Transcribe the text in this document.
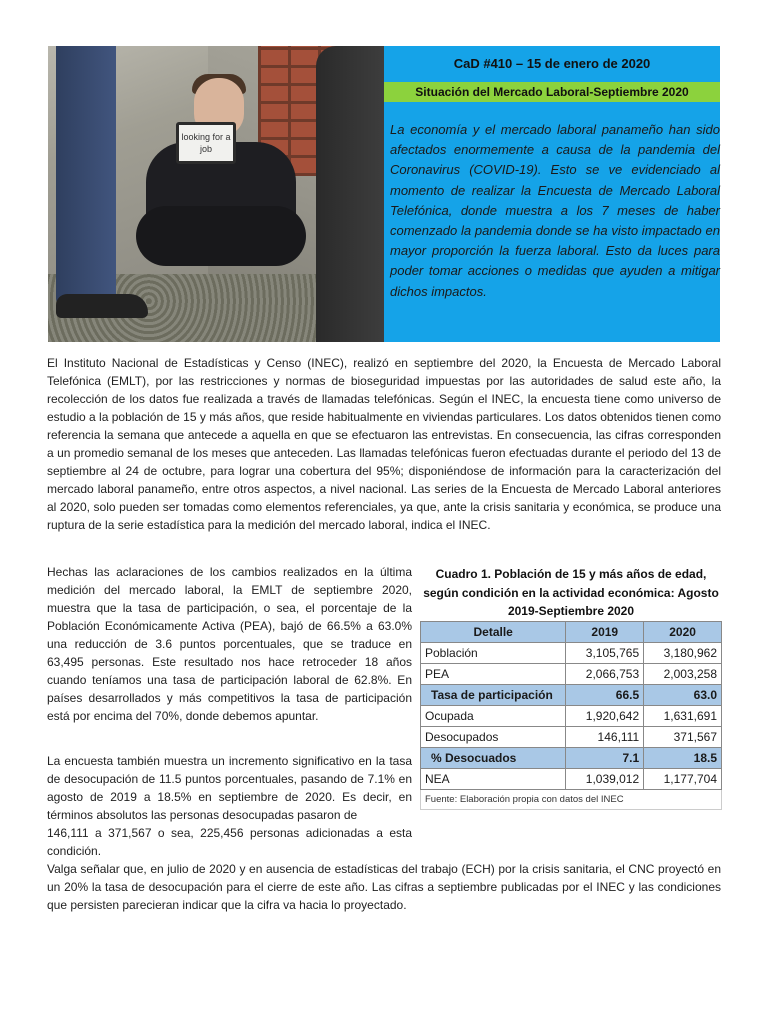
looking for a job
CaD #410 – 15 de enero de 2020
Situación del Mercado Laboral-Septiembre 2020
La economía y el mercado laboral panameño han sido afectados enormemente a causa de la pandemia del Coronavirus (COVID-19). Esto se ve evidenciado al momento de realizar la Encuesta de Mercado Laboral Telefónica, donde muestra a los 7 meses de haber comenzado la pandemia donde se ha visto impactado en mayor proporción la fuerza laboral. Esto da luces para poder tomar acciones o medidas que ayuden a mitigar dichos impactos.

El Instituto Nacional de Estadísticas y Censo (INEC), realizó en septiembre del 2020, la Encuesta de Mercado Laboral Telefónica (EMLT), por las restricciones y normas de bioseguridad impuestas por las autoridades de salud este año, la recolección de los datos fue realizada a través de llamadas telefónicas. Según el INEC, la encuesta tiene como universo de estudio a la población de 15 y más años, que reside habitualmente en viviendas particulares. Los datos obtenidos tienen como referencia la semana que antecede a aquella en que se efectuaron las entrevistas. En consecuencia, las cifras corresponden a un promedio semanal de los meses que anteceden. Las llamadas telefónicas fueron efectuadas durante el periodo del 13 de septiembre al 24 de octubre, para lograr una cobertura del 95%; disponiéndose de información para la caracterización del mercado laboral panameño, entre otros aspectos, a nivel nacional. Las series de la Encuesta de Mercado Laboral anteriores al 2020, solo pueden ser tomadas como elementos referenciales, ya que, ante la crisis sanitaria y económica, se produce una ruptura de la serie estadística para la medición del mercado laboral, indica el INEC.

Hechas las aclaraciones de los cambios realizados en la última medición del mercado laboral, la EMLT de septiembre 2020, muestra que la tasa de participación, o sea, el porcentaje de la Población Económicamente Activa (PEA), bajó de 66.5% a 63.0% una reducción de 3.6 puntos porcentuales, que se traduce en 63,495 personas. Este resultado nos hace retroceder 18 años cuando teníamos una tasa de participación laboral de 62.8%. En países desarrollados y más competitivos la tasa de participación está por encima del 70%, donde debemos apuntar.

La encuesta también muestra un incremento significativo en la tasa de desocupación de 11.5 puntos porcentuales, pasando de 7.1% en agosto de 2019 a 18.5% en septiembre de 2020. Es decir, en términos absolutos las personas desocupadas pasaron de
146,111 a 371,567 o sea, 225,456 personas adicionadas a esta condición.

Valga señalar que, en julio de 2020 y en ausencia de estadísticas del trabajo (ECH) por la crisis sanitaria, el CNC proyectó en un 20% la tasa de desocupación para el cierre de este año. Las cifras a septiembre publicadas por el INEC y las condiciones que persisten parecieran indicar que la cifra va hacia lo proyectado.

Cuadro 1. Población de 15 y más años de edad, según condición en la actividad económica: Agosto 2019-Septiembre 2020
Detalle	2019	2020
Población	3,105,765	3,180,962
PEA	2,066,753	2,003,258
Tasa de participación	66.5	63.0
Ocupada	1,920,642	1,631,691
Desocupados	146,111	371,567
% Desocuados	7.1	18.5
NEA	1,039,012	1,177,704
Fuente: Elaboración propia con datos del INEC
